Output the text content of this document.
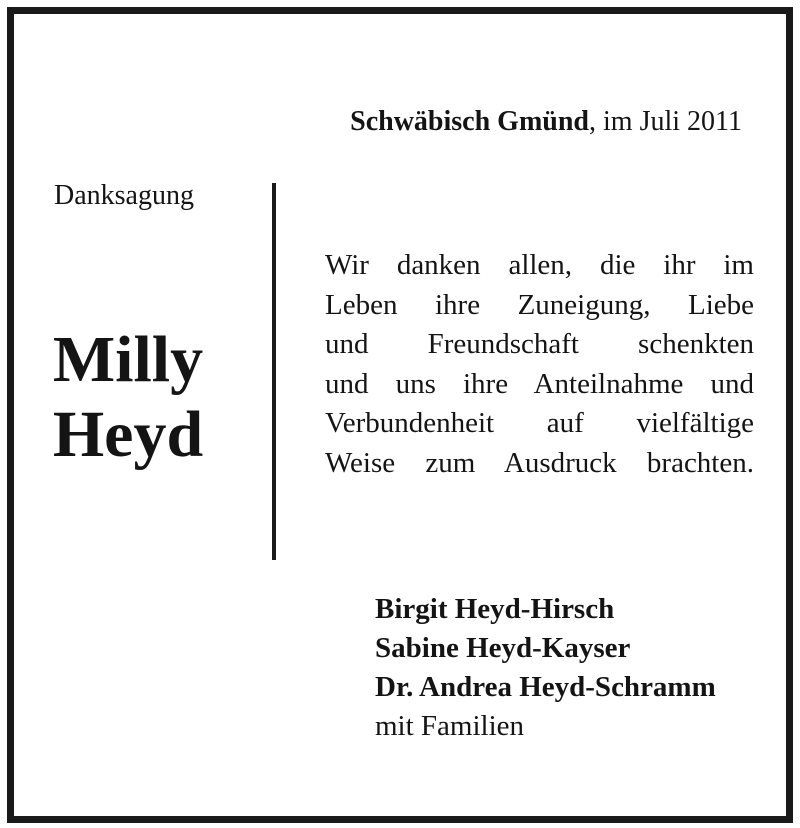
Schwäbisch Gmünd, im Juli 2011
Danksagung
Milly
Heyd
Wir danken allen, die ihr im
Leben ihre Zuneigung, Liebe
und Freundschaft schenkten
und uns ihre Anteilnahme und
Verbundenheit auf vielfältige
Weise zum Ausdruck brachten.
Birgit Heyd-Hirsch
Sabine Heyd-Kayser
Dr. Andrea Heyd-Schramm
mit Familien
